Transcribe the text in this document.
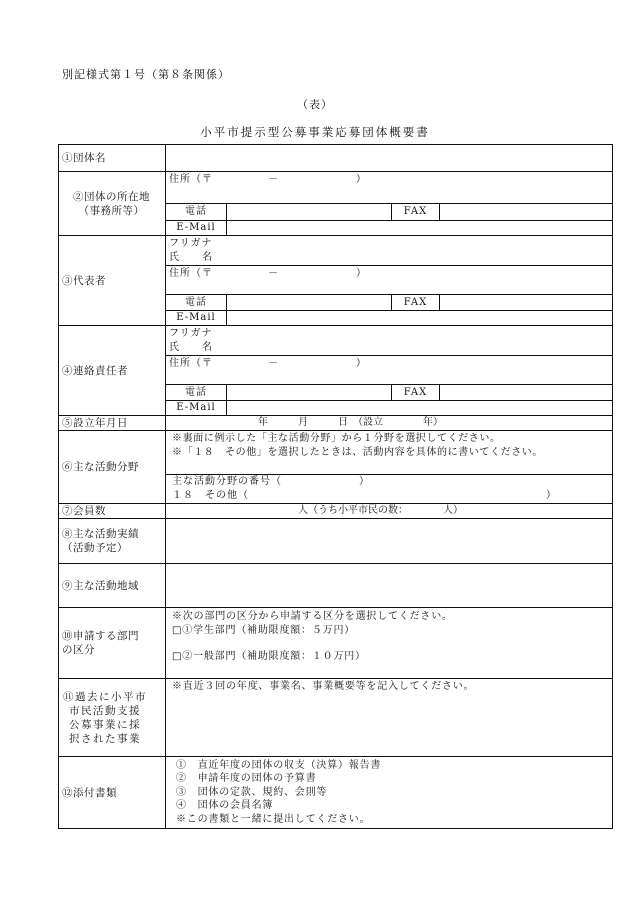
別記様式第１号（第８条関係）
（表）
小平市提示型公募事業応募団体概要書
①団体名				

②団体の所在地
（事務所等）	住所（〒　　　　　－　　　　　　　）			
	電話		FAX	
	E-Mail			
③代表者	フリガナ
氏　　名			

	住所（〒　　　　　－　　　　　　　）			
	電話		FAX	
	E-Mail			
④連絡責任者	フリガナ
氏　　名			

	住所（〒　　　　　－　　　　　　　）			
	電話		FAX	
	E-Mail			
⑤設立年月日	年　　　月　　　日　（設立　　　　年）			
⑥主な活動分野	※裏面に例示した「主な活動分野」から１分野を選択してください。
※「１８　その他」を選択したときは、活動内容を具体的に書いてください。			

	主な活動分野の番号（　　　　　　　）
１８　その他（　　　　　　　　　　　　　　　　　　　　　　　　　　　）			

⑦会員数	人（うち小平市民の数：　　　　人）			

⑧主な活動実績
（活動予定）				

⑨主な活動地域				

⑩申請する部門
の区分	※次の部門の区分から申請する区分を選択してください。
□①学生部門（補助限度額：５万円）
□②一般部門（補助限度額：１０万円）			

⑪過去に小平市
市民活動支援
公募事業に採
択された事業	※直近３回の年度、事業名、事業概要等を記入してください。			

⑫添付書類	①　直近年度の団体の収支（決算）報告書
②　申請年度の団体の予算書
③　団体の定款、規約、会則等
④　団体の会員名簿
※この書類と一緒に提出してください。			
